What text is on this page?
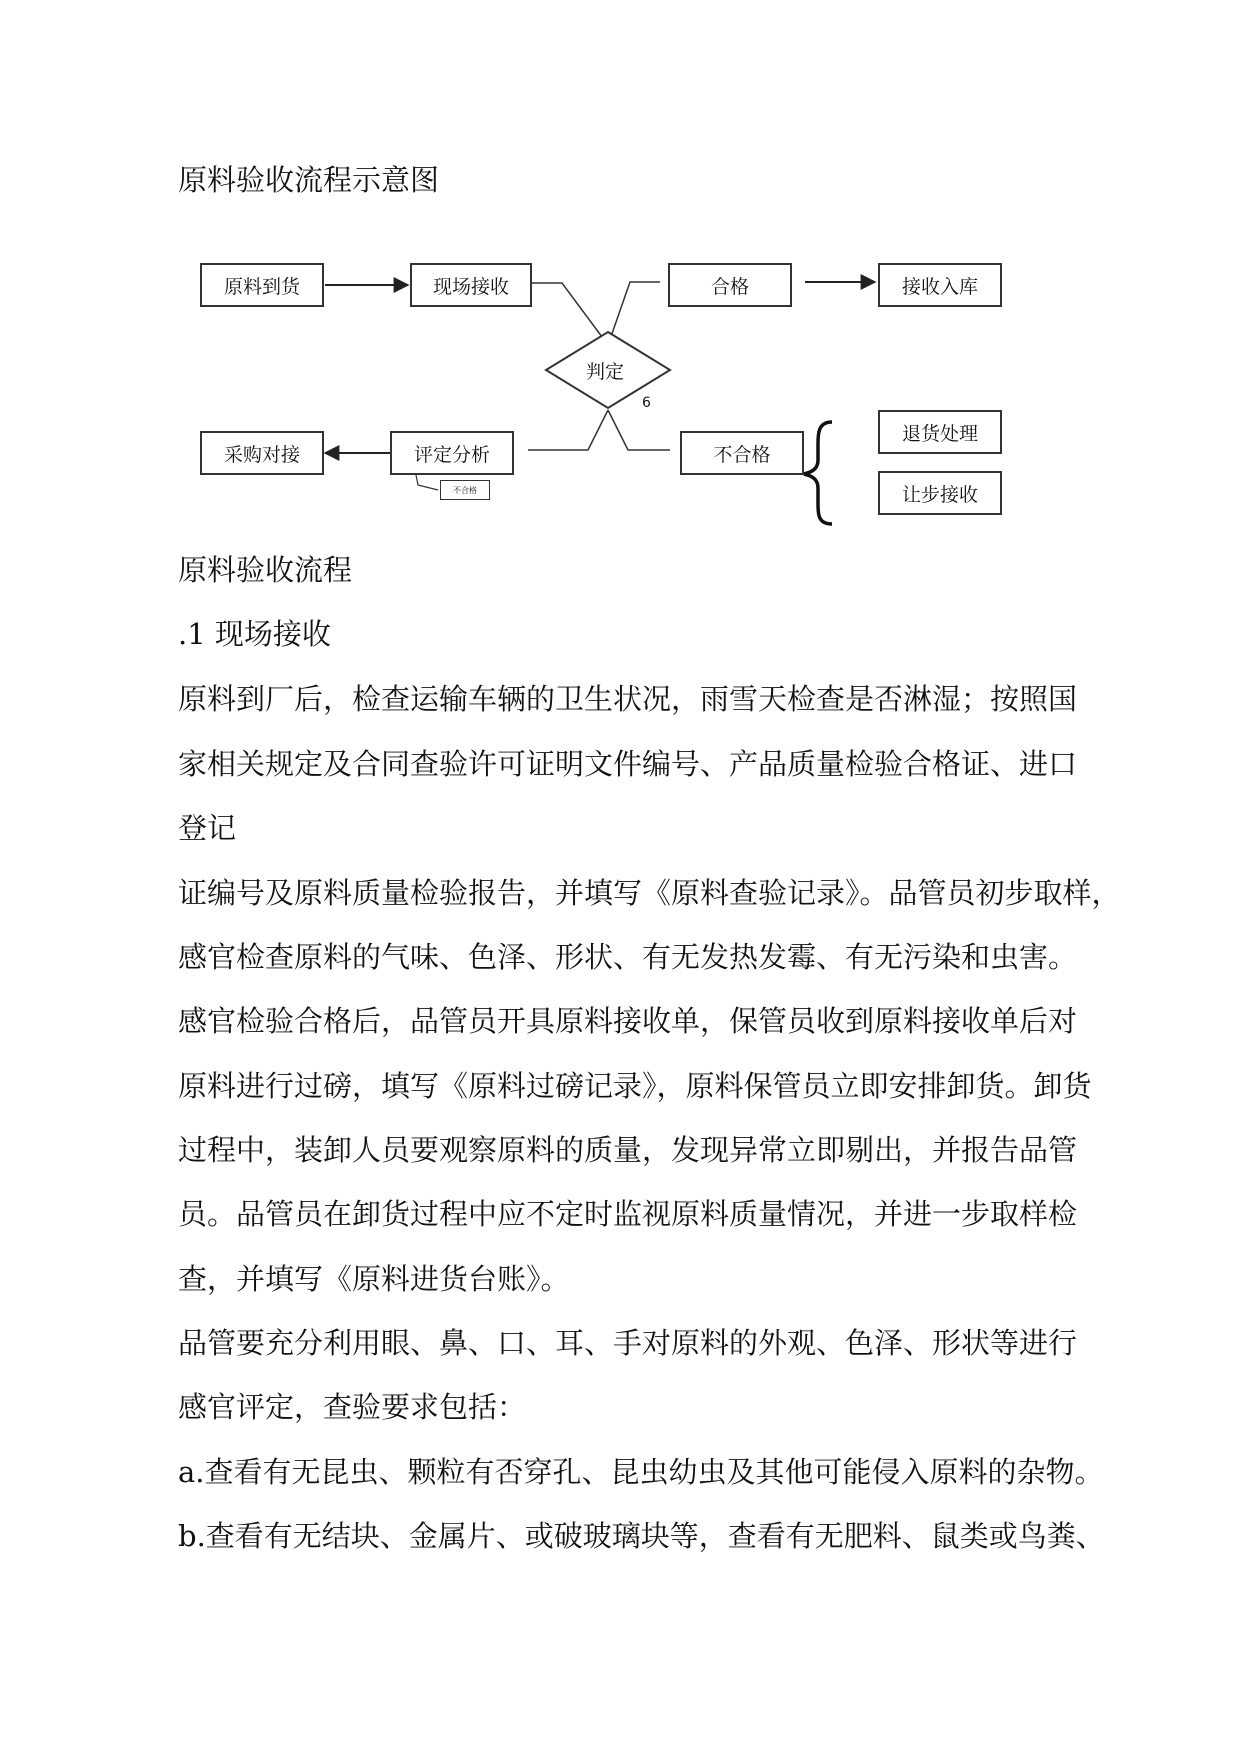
原料验收流程示意图
原料到货	现场接收	合格	接收入库
判定
6
采购对接	评定分析
不合格
不合格
退货处理
让步接收
原料验收流程
.1 现场接收
原料到厂后，检查运输车辆的卫生状况，雨雪天检查是否淋湿；按照国
家相关规定及合同查验许可证明文件编号、产品质量检验合格证、进口
登记
证编号及原料质量检验报告，并填写《原料查验记录》。品管员初步取样，
感官检查原料的气味、色泽、形状、有无发热发霉、有无污染和虫害。
感官检验合格后，品管员开具原料接收单，保管员收到原料接收单后对
原料进行过磅，填写《原料过磅记录》，原料保管员立即安排卸货。卸货
过程中，装卸人员要观察原料的质量，发现异常立即剔出，并报告品管
员。品管员在卸货过程中应不定时监视原料质量情况，并进一步取样检
查，并填写《原料进货台账》。
品管要充分利用眼、鼻、口、耳、手对原料的外观、色泽、形状等进行
感官评定，查验要求包括：
a.查看有无昆虫、颗粒有否穿孔、昆虫幼虫及其他可能侵入原料的杂物。
b.查看有无结块、金属片、或破玻璃块等，查看有无肥料、鼠类或鸟粪、
